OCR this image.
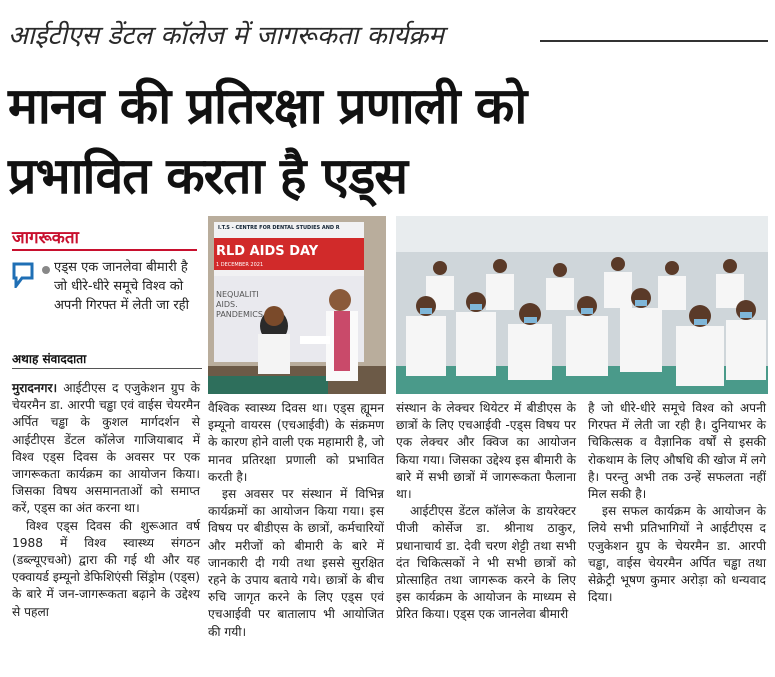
आईटीएस डेंटल कॉलेज में जागरूकता कार्यक्रम
मानव की प्रतिरक्षा प्रणाली को
प्रभावित करता है एड्स
जागरूकता
एड्स एक जानलेवा बीमारी है जो धीरे-धीरे समूचे विश्व को अपनी गिरफ्त में लेती जा रही
अथाह संवाददाता
I.T.S - CENTRE FOR DENTAL STUDIES AND R
RLD AIDS DAY
1 DECEMBER 2021
NEQUALITI
AIDS.
PANDEMICS

मुरादनगर। आईटीएस द एजुकेशन ग्रुप के चेयरमैन डा. आरपी चड्ढा एवं वाईस चेयरमैन अर्पित चड्ढा के कुशल मार्गदर्शन से आईटीएस डेंटल कॉलेज गाजियाबाद में विश्व एड्स दिवस के अवसर पर एक जागरूकता कार्यक्रम का आयोजन किया। जिसका विषय असमानताओं को समाप्त करें, एड्स का अंत करना था।

विश्व एड्स दिवस की शुरूआत वर्ष 1988 में विश्व स्वास्थ्य संगठन (डब्ल्यूएचओ) द्वारा की गई थी और यह एक्वायर्ड इम्यूनो डेफिशिएंसी सिंड्रोम (एड्स) के बारे में जन-जागरूकता बढ़ाने के उद्देश्य से पहला

वैश्विक स्वास्थ्य दिवस था। एड्स ह्यूमन इम्यूनो वायरस (एचआईवी) के संक्रमण के कारण होने वाली एक महामारी है, जो मानव प्रतिरक्षा प्रणाली को प्रभावित करती है।

इस अवसर पर संस्थान में विभिन्न कार्यक्रमों का आयोजन किया गया। इस विषय पर बीडीएस के छात्रों, कर्मचारियों और मरीजों को बीमारी के बारे में जानकारी दी गयी तथा इससे सुरक्षित रहने के उपाय बताये गये। छात्रों के बीच रुचि जागृत करने के लिए एड्स एवं एचआईवी पर बातालाप भी आयोजित की गयी।

संस्थान के लेक्चर थियेटर में बीडीएस के छात्रों के लिए एचआईवी -एड्स विषय पर एक लेक्चर और क्विज का आयोजन किया गया। जिसका उद्देश्य इस बीमारी के बारे में सभी छात्रों में जागरूकता फैलाना था।

आईटीएस डेंटल कॉलेज के डायरेक्टर पीजी कोर्सेज डा. श्रीनाथ ठाकुर, प्रधानाचार्य डा. देवी चरण शेट्टी तथा सभी दंत चिकित्सकों ने भी सभी छात्रों को प्रोत्साहित तथा जागरूक करने के लिए इस कार्यक्रम के आयोजन के माध्यम से प्रेरित किया। एड्स एक जानलेवा बीमारी

है जो धीरे-धीरे समूचे विश्व को अपनी गिरफ्त में लेती जा रही है। दुनियाभर के चिकित्सक व वैज्ञानिक वर्षों से इसकी रोकथाम के लिए औषधि की खोज में लगे है। परन्तु अभी तक उन्हें सफलता नहीं मिल सकी है।

इस सफल कार्यक्रम के आयोजन के लिये सभी प्रतिभागियों ने आईटीएस द एजुकेशन ग्रुप के चेयरमैन डा. आरपी चड्ढा, वाईस चेयरमैन अर्पित चड्ढा तथा सेक्रेट्री भूषण कुमार अरोड़ा को धन्यवाद दिया।
